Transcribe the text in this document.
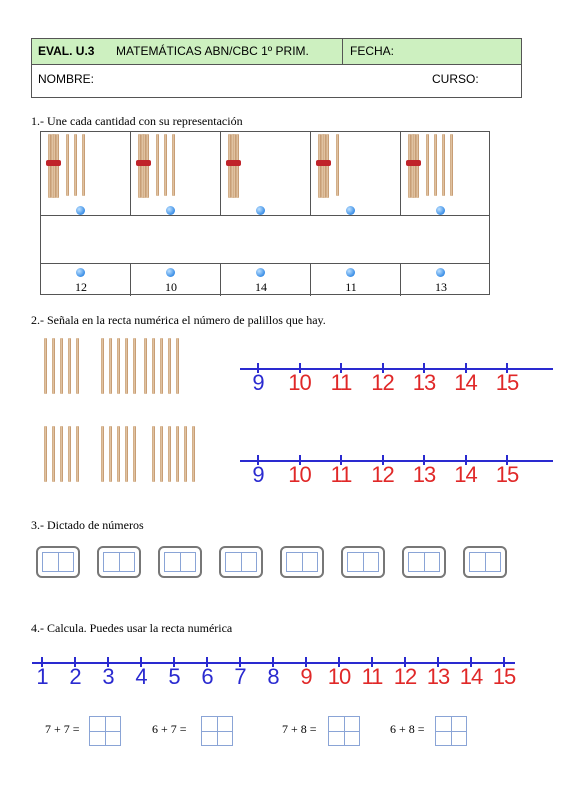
EVAL. U.3 MATEMÁTICAS ABN/CBC 1º PRIM.	FECHA:
NOMBRE:	CURSO:
1.- Une cada cantidad con su representación
2.- Señala en la recta numérica el número de palillos que hay.
3.- Dictado de números
4.- Calcula. Puedes usar la recta numérica
12	10	14	11	13
9	10 11 12 13 14 15
9	10 11 12 13 14 15
1 2 3 4 5 6 7 8 9 10 11 12 13 14 15
7 + 7 =	6 + 7 =	7 + 8 =	6 + 8 =
